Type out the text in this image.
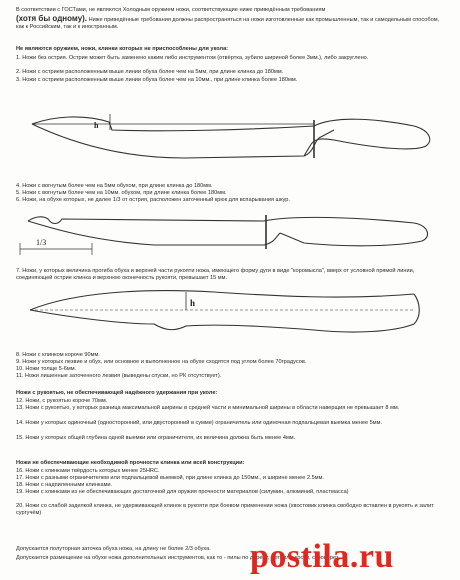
В соответствии с ГОСТами, не являются Холодным оружием ножи, соответствующие ниже приведённым требованиям
(хотя бы одному). Ниже приведённые требования должны распространяться на ножи изготовленные как промышленным, так и самодельным способом, как к Российским, так и к иностранным.

Не являются оружием, ножи, клинки которых не приспособлены для укола:

1. Ножи без острия. Острие может быть заменено каким либо инструментом (отвёртка, зубило шириной более 3мм.), либо закруглено.

2. Ножи с острием расположенным выше линии обуха более чем на 5мм, при длине клинка до 180мм.

3. Ножи с острием расположенным выше линии обуха более чем на 10мм., при длине клинка более 180мм.

h

4. Ножи с вогнутым более чем на 5мм обухом, при длине клинка до 180мм.

5. Ножи с вогнутым более чем на 10мм. обухом, при длине клинка более 180мм.

6. Ножи, на обухе которых, не далее 1/3 от острия, расположен заточенный крюк для вспарывания шкур.

1/3

7. Ножи, у которых величина прогиба обуха и верхней части рукояти ножа, имеющего форму дуги в виде "коромысла", вверх от условной прямой линии, соединяющей острие клинка и верхнюю оконечность рукояти, превышает 15 мм.

h

8. Ножи с клинком короче 90мм.

9. Ножи у которых лезвие и обух, или основное и выполненное на обухе сходятся под углом более 70градусов.

10. Ножи толще 5-6мм.

11. Ножи лишенные заточенного лезвия (выведены спуски, но РК отсутствует).

Ножи с рукоятью, не обеспечивающей надёжного удержания при уколе:

12. Ножи, с рукоятью короче 70мм.

13. Ножи с рукоятью, у которых разница максимальной ширины в средней части и минимальной ширины в области наверщия не превышает 8 мм.

14. Ножи у которых одиночный (односторонний, или двусторонний в сумме) ограничитель или одиночная подпальцевая выемка менее 5мм.

15. Ножи у которых общей глубина одной выемки или ограничителя, их величина должна быть менее 4мм.

Ножи не обеспечивающие необходимой прочности клинка или всей конструкции:

16. Ножи с клинками твёрдость которых менее 25HRC.

17. Ножи с разными ограничителем или подпальцевой выемкой, при длине клинка до 150мм., и ширине менее 2.5мм.

18. Ножи с надпиленными клинками.

19. Ножи с клинками из не обеспечивающих достаточной для оружия прочности материалов (силумин, алюминий, пластмасса)

20. Ножи со слабой заделкой клинка, не удерживающей клинок в рукояти при боевом применении ножа (хвостовик клинка свободно вставлен в рукоять и залит сургучём)

Допускается полуторная заточка обуха ножа, на длину не более 2/3 обуха.

Допускается размещение на обухе ножа дополнительных инструментов, как то - пилы по дереву, металлу, кости, стропорез.

postila.ru
